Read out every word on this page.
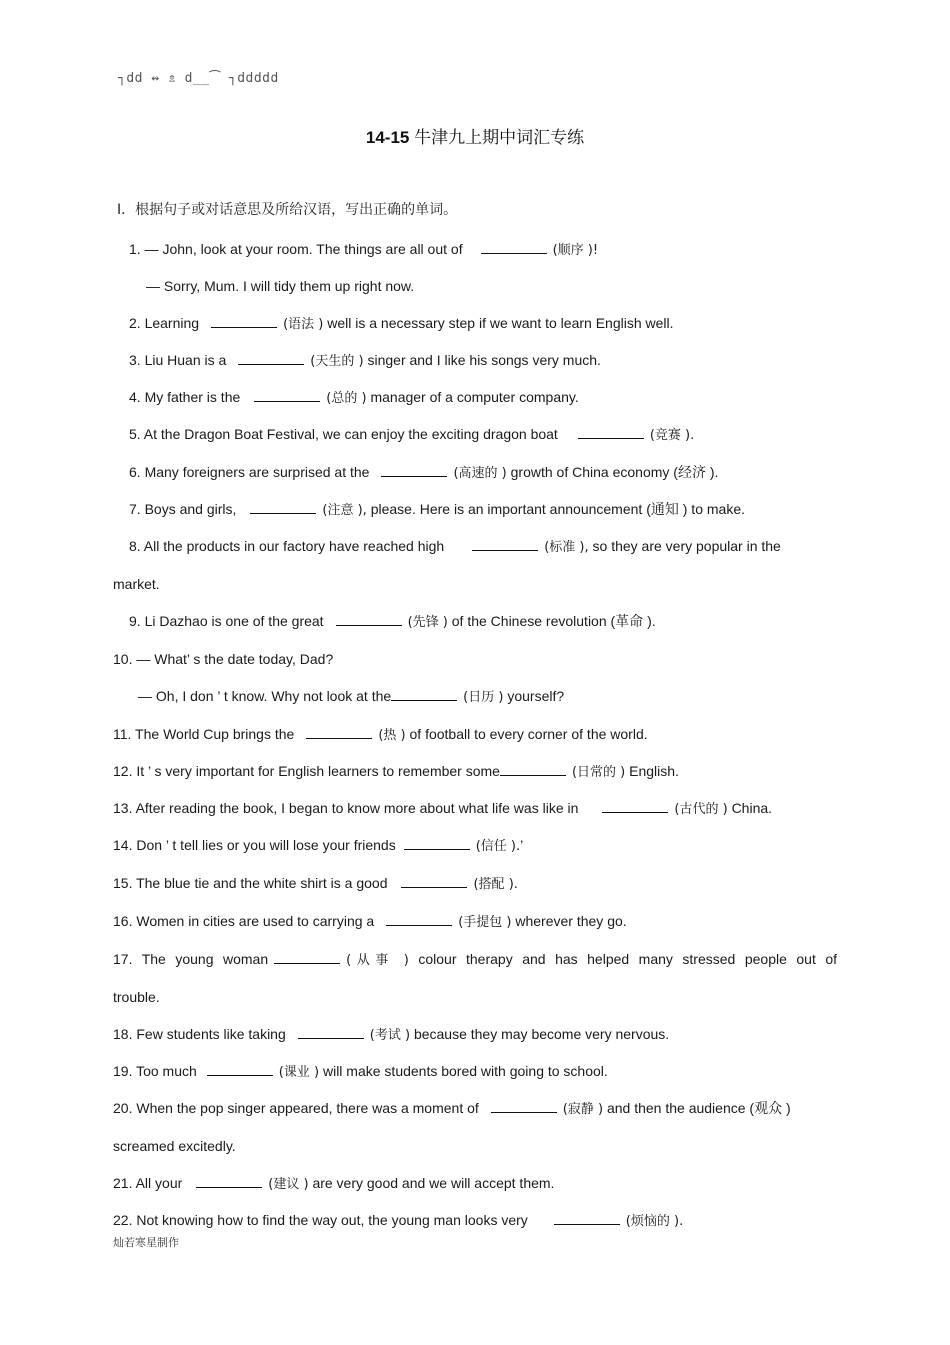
┐dd ↭ ⇯ d__⁀ ┐ddddd
14-15 牛津九上期中词汇专练
Ⅰ．根据句子或对话意思及所给汉语，写出正确的单词。
1. — John, look at your room. The things are all out of	(顺序 )!
— Sorry, Mum. I will tidy them up right now.
2. Learning	(语法 ) well is a necessary step if we want to learn English well.
3. Liu Huan is a	(天生的 ) singer and I like his songs very much.
4. My father is the	(总的 ) manager of a computer company.
5. At the Dragon Boat Festival, we can enjoy the exciting dragon boat	(竞赛 ).
6. Many foreigners are surprised at the	(高速的 ) growth of China economy (经济 ).
7. Boys and girls,	(注意 ), please. Here is an important announcement (通知 ) to make.
8. All the products in our factory have reached high	(标准 ), so they are very popular in the
market.
9. Li Dazhao is one of the great	(先锋 ) of the Chinese revolution (革命 ).
10. — What’ s the date today, Dad?
— Oh, I don ’ t know. Why not look at the	(日历 ) yourself?
11. The World Cup brings the	(热 ) of football to every corner of the world.
12. It ’ s very important for English learners to remember some	(日常的 ) English.
13. After reading the book, I began to know more about what life was like in	(古代的 ) China.
14. Don ’ t tell lies or you will lose your friends	(信任 ).’
15. The blue tie and the white shirt is a good	(搭配 ).
16. Women in cities are used to carrying a	(手提包 ) wherever they go.
17. The young woman	(从事 ) colour therapy and has helped many stressed people out of
trouble.
18. Few students like taking	(考试 ) because they may become very nervous.
19. Too much	(课业 ) will make students bored with going to school.
20. When the pop singer appeared, there was a moment of	(寂静 ) and then the audience (观众 )
screamed excitedly.
21. All your	(建议 ) are very good and we will accept them.
22. Not knowing how to find the way out, the young man looks very	(烦恼的 ).
灿若寒星制作
